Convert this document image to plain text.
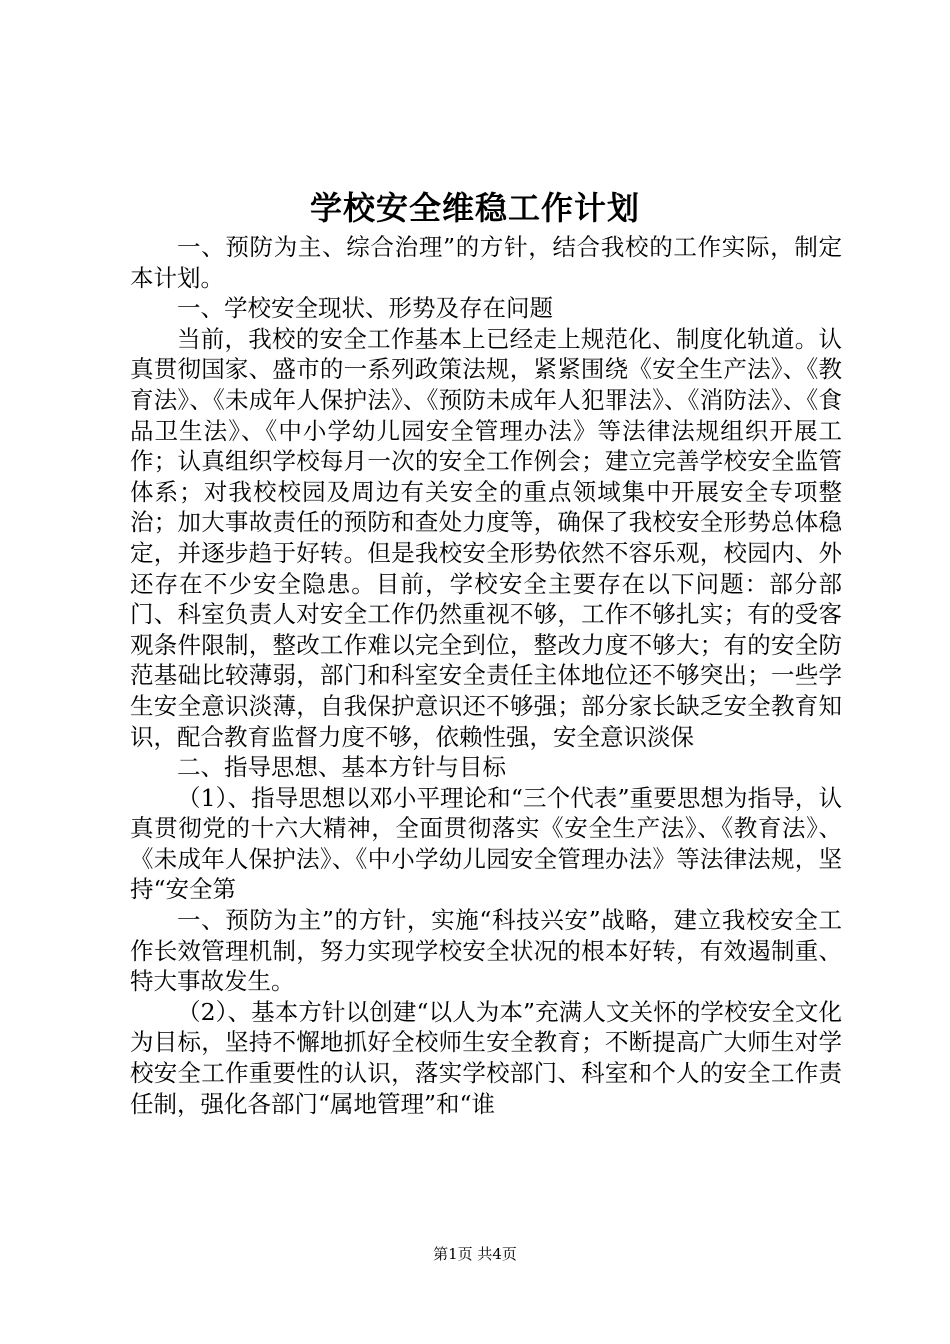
学校安全维稳工作计划

一、预防为主、综合治理”的方针，结合我校的工作实际，制定本计划。

一、学校安全现状、形势及存在问题

当前，我校的安全工作基本上已经走上规范化、制度化轨道。认真贯彻国家、盛市的一系列政策法规，紧紧围绕《安全生产法》、《教育法》、《未成年人保护法》、《预防未成年人犯罪法》、《消防法》、《食品卫生法》、《中小学幼儿园安全管理办法》等法律法规组织开展工作；认真组织学校每月一次的安全工作例会；建立完善学校安全监管体系；对我校校园及周边有关安全的重点领域集中开展安全专项整治；加大事故责任的预防和查处力度等，确保了我校安全形势总体稳定，并逐步趋于好转。但是我校安全形势依然不容乐观，校园内、外还存在不少安全隐患。目前，学校安全主要存在以下问题：部分部门、科室负责人对安全工作仍然重视不够，工作不够扎实；有的受客观条件限制，整改工作难以完全到位，整改力度不够大；有的安全防范基础比较薄弱，部门和科室安全责任主体地位还不够突出；一些学生安全意识淡薄，自我保护意识还不够强；部分家长缺乏安全教育知识，配合教育监督力度不够，依赖性强，安全意识淡保

二、指导思想、基本方针与目标

（1）、指导思想以邓小平理论和“三个代表”重要思想为指导，认真贯彻党的十六大精神，全面贯彻落实《安全生产法》、《教育法》、《未成年人保护法》、《中小学幼儿园安全管理办法》等法律法规，坚持“安全第

一、预防为主”的方针，实施“科技兴安”战略，建立我校安全工作长效管理机制，努力实现学校安全状况的根本好转，有效遏制重、特大事故发生。

（2）、基本方针以创建“以人为本”充满人文关怀的学校安全文化为目标，坚持不懈地抓好全校师生安全教育；不断提高广大师生对学校安全工作重要性的认识，落实学校部门、科室和个人的安全工作责任制，强化各部门“属地管理”和“谁

第1页 共4页
